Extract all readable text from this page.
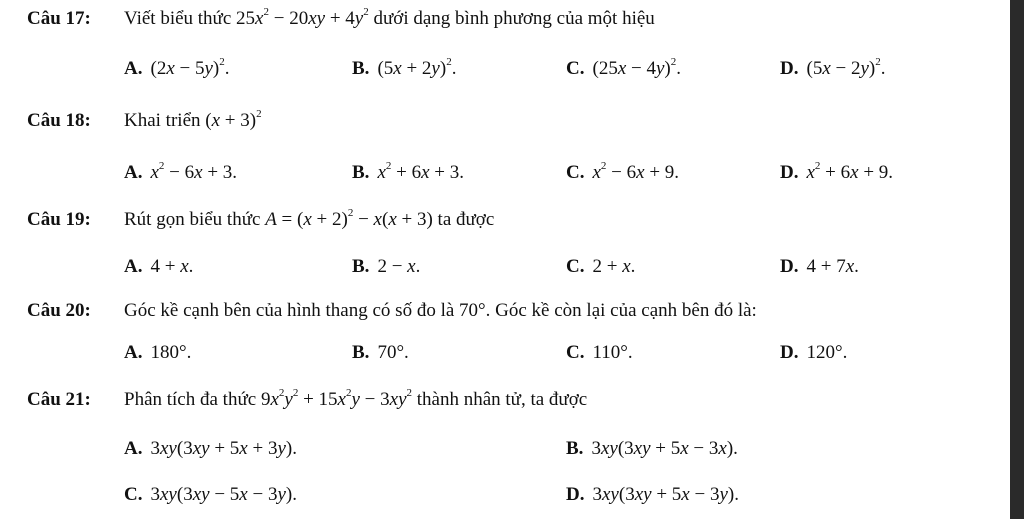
Câu 17: Viết biểu thức $25x^2 - 20xy + 4y^2$ dưới dạng bình phương của một hiệu
A. $(2x - 5y)^2$.	B. $(5x + 2y)^2$.	C. $(25x - 4y)^2$.	D. $(5x - 2y)^2$.
Câu 18: Khai triển $(x + 3)^2$
A. $x^2 - 6x + 3$.	B. $x^2 + 6x + 3$.	C. $x^2 - 6x + 9$.	D. $x^2 + 6x + 9$.
Câu 19: Rút gọn biểu thức $A = (x + 2)^2 - x(x + 3)$ ta được
A. 4 + x.	B. 2 − x.	C. 2 + x.	D. 4 + 7x.
Câu 20: Góc kề cạnh bên của hình thang có số đo là 70°. Góc kề còn lại của cạnh bên đó là:
A. 180°.	B. 70°.	C. 110°.	D. 120°.
Câu 21: Phân tích đa thức $9x^2y^2 + 15x^2y - 3xy^2$ thành nhân tử, ta được
A. 3xy(3xy + 5x + 3y).	B. 3xy(3xy + 5x − 3x).
C. 3xy(3xy − 5x − 3y).	D. 3xy(3xy + 5x − 3y).
